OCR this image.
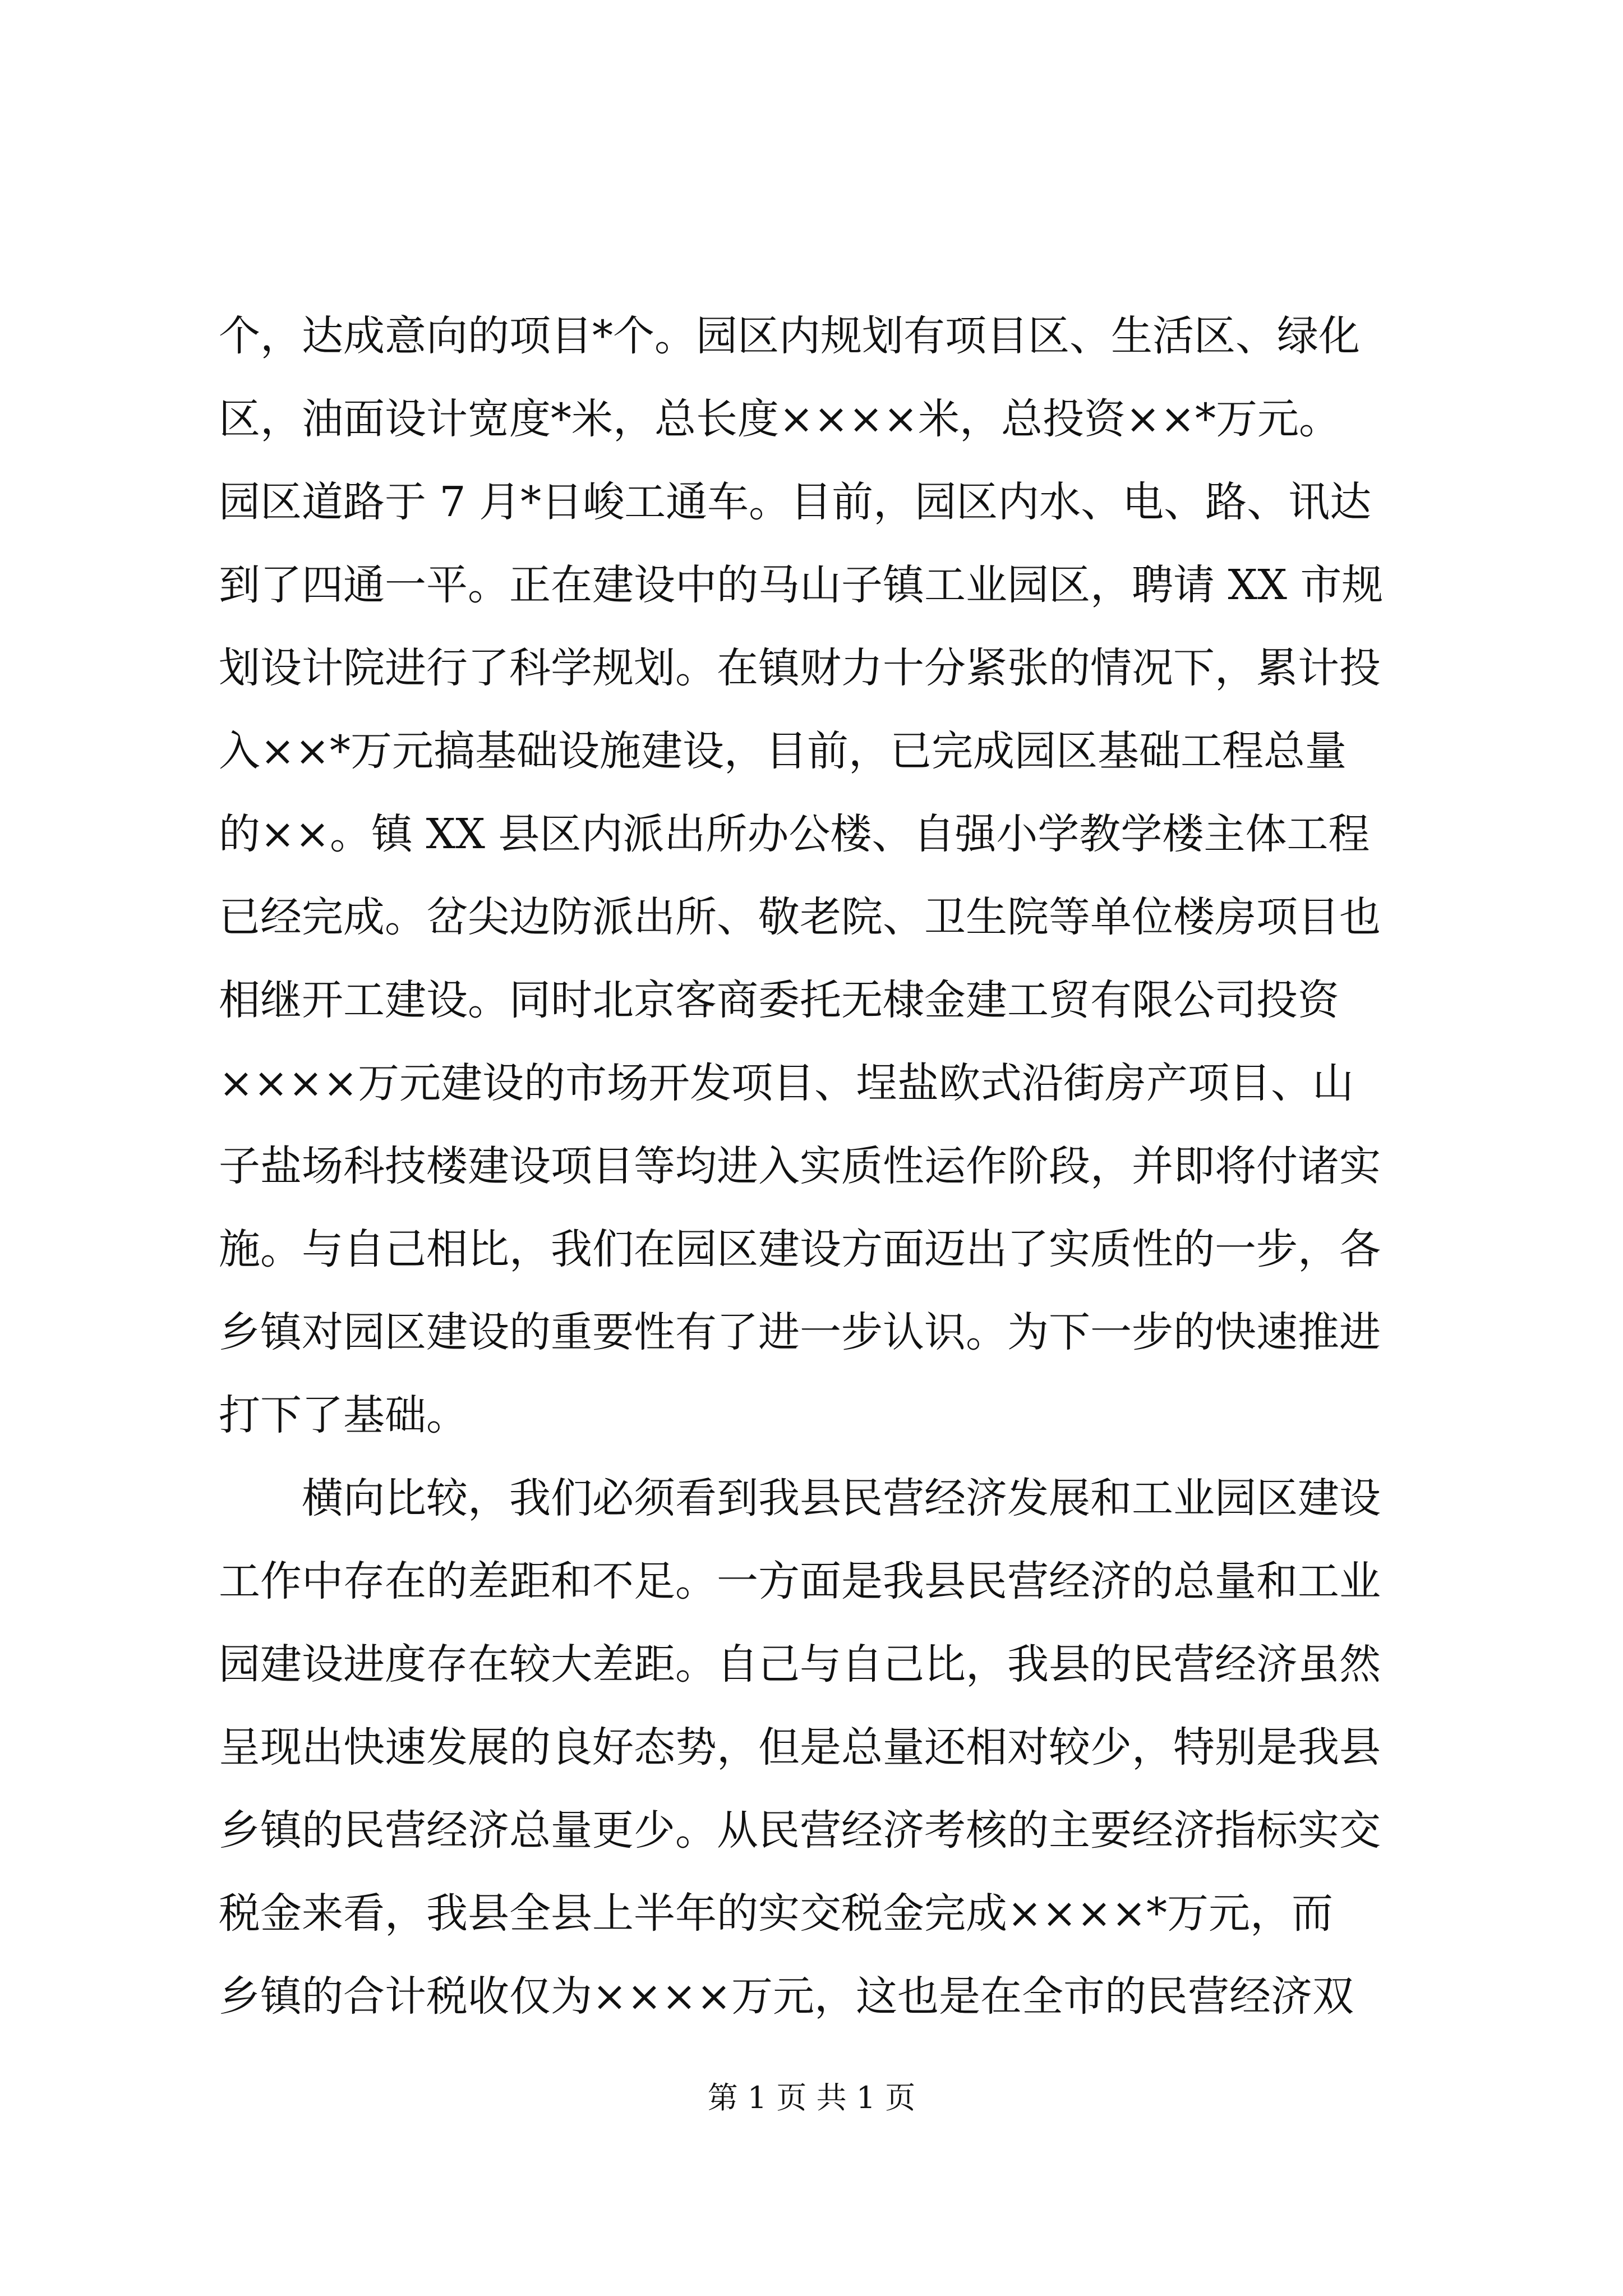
个，达成意向的项目*个。园区内规划有项目区、生活区、绿化
区，油面设计宽度*米，总长度××××米，总投资××*万元。
园区道路于 7 月*日峻工通车。目前，园区内水、电、路、讯达
到了四通一平。正在建设中的马山子镇工业园区，聘请 XX 市规
划设计院进行了科学规划。在镇财力十分紧张的情况下，累计投
入××*万元搞基础设施建设，目前，已完成园区基础工程总量
的××。镇 XX 县区内派出所办公楼、自强小学教学楼主体工程
已经完成。岔尖边防派出所、敬老院、卫生院等单位楼房项目也
相继开工建设。同时北京客商委托无棣金建工贸有限公司投资
××××万元建设的市场开发项目、埕盐欧式沿街房产项目、山
子盐场科技楼建设项目等均进入实质性运作阶段，并即将付诸实
施。与自己相比，我们在园区建设方面迈出了实质性的一步，各
乡镇对园区建设的重要性有了进一步认识。为下一步的快速推进
打下了基础。
横向比较，我们必须看到我县民营经济发展和工业园区建设
工作中存在的差距和不足。一方面是我县民营经济的总量和工业
园建设进度存在较大差距。自己与自己比，我县的民营经济虽然
呈现出快速发展的良好态势，但是总量还相对较少，特别是我县
乡镇的民营经济总量更少。从民营经济考核的主要经济指标实交
税金来看，我县全县上半年的实交税金完成××××*万元，而
乡镇的合计税收仅为××××万元，这也是在全市的民营经济双
第 1 页 共 1 页
